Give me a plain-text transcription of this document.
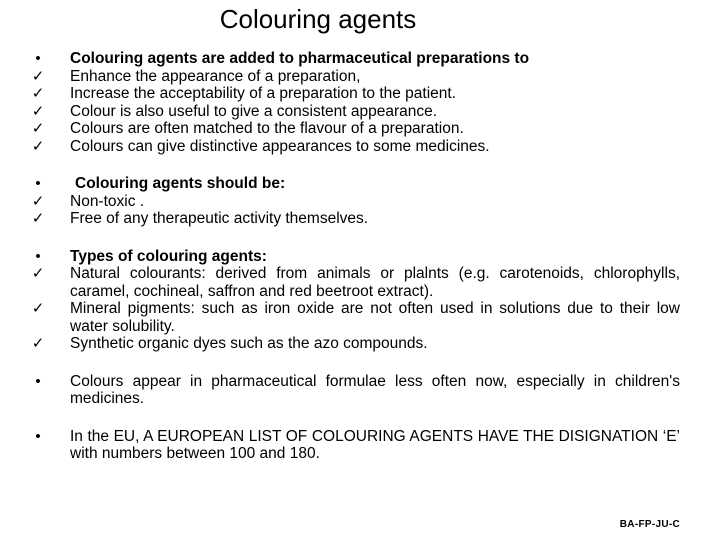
Colouring agents
•	Colouring agents are added to pharmaceutical preparations to
✓ Enhance the appearance of a preparation,
✓ Increase the acceptability of a preparation to the patient.
✓ Colour is also useful to give a consistent appearance.
✓ Colours are often matched to the flavour of a preparation.
✓ Colours can give distinctive appearances to some medicines.
•	Colouring agents should be:
✓ Non-toxic .
✓ Free of any therapeutic activity themselves.
•	Types of colouring agents:
✓ Natural colourants: derived from animals or plalnts (e.g. carotenoids, chlorophylls, caramel, cochineal, saffron and red beetroot extract).
✓ Mineral pigments: such as iron oxide are not often used in solutions due to their low water solubility.
✓ Synthetic organic dyes such as the azo compounds.
•	Colours appear in pharmaceutical formulae less often now, especially in children's medicines.
•	In the EU, A EUROPEAN LIST OF COLOURING AGENTS HAVE THE DISIGNATION ‘E’ with numbers between 100 and 180.
BA-FP-JU-C
